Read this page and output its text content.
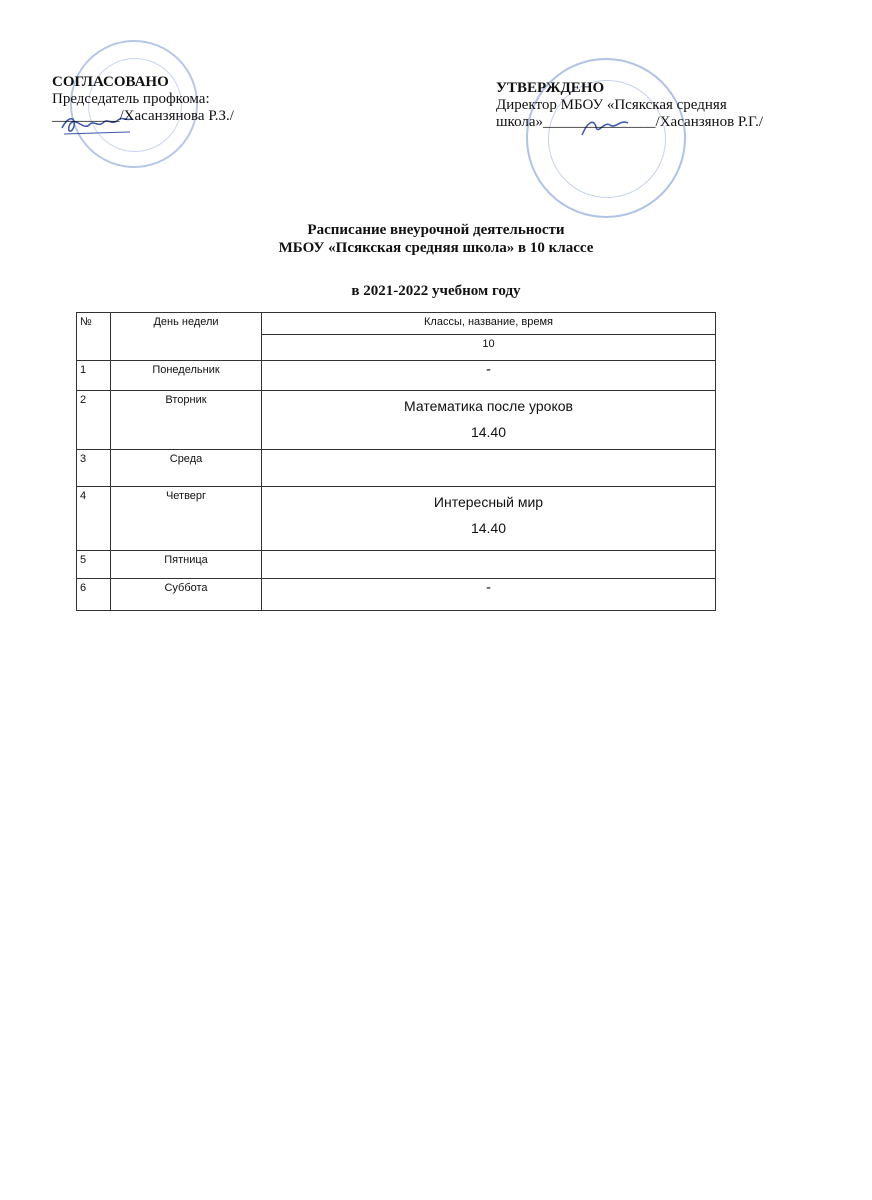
СОГЛАСОВАНО
Председатель профкома:
_________/Хасанзянова Р.З./
УТВЕРЖДЕНО
Директор МБОУ «Псякская средняя
школа»_______________/Хасанзянов Р.Г./
Расписание внеурочной деятельности
МБОУ «Псякская средняя школа» в 10 классе
в 2021-2022 учебном году
№	День недели	Классы, название, время
		10
1	Понедельник	-
2	Вторник	Математика после уроков
14.40

3	Среда	
4	Четверг	Интересный мир
14.40

5	Пятница	
6	Суббота	-
